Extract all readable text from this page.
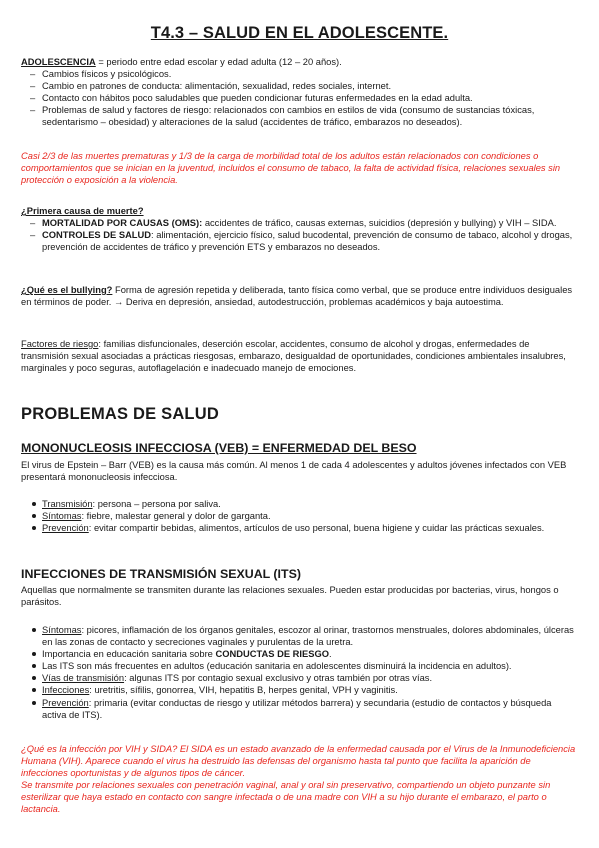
T4.3 – SALUD EN EL ADOLESCENTE.
ADOLESCENCIA = periodo entre edad escolar y edad adulta (12 – 20 años).
– Cambios físicos y psicológicos.
– Cambio en patrones de conducta: alimentación, sexualidad, redes sociales, internet.
– Contacto con hábitos poco saludables que pueden condicionar futuras enfermedades en la edad adulta.
– Problemas de salud y factores de riesgo: relacionados con cambios en estilos de vida (consumo de sustancias tóxicas, sedentarismo – obesidad) y alteraciones de la salud (accidentes de tráfico, embarazos no deseados).
Casi 2/3 de las muertes prematuras y 1/3 de la carga de morbilidad total de los adultos están relacionados con condiciones o comportamientos que se inician en la juventud, incluidos el consumo de tabaco, la falta de actividad física, relaciones sexuales sin protección o exposición a la violencia.
¿Primera causa de muerte?
– MORTALIDAD POR CAUSAS (OMS): accidentes de tráfico, causas externas, suicidios (depresión y bullying) y VIH – SIDA.
– CONTROLES DE SALUD: alimentación, ejercicio físico, salud bucodental, prevención de consumo de tabaco, alcohol y drogas, prevención de accidentes de tráfico y prevención ETS y embarazos no deseados.
¿Qué es el bullying? Forma de agresión repetida y deliberada, tanto física como verbal, que se produce entre individuos desiguales en términos de poder. → Deriva en depresión, ansiedad, autodestrucción, problemas académicos y baja autoestima.
Factores de riesgo: familias disfuncionales, deserción escolar, accidentes, consumo de alcohol y drogas, enfermedades de transmisión sexual asociadas a prácticas riesgosas, embarazo, desigualdad de oportunidades, condiciones ambientales insalubres, marginales y poco seguras, autoflagelación e inadecuado manejo de emociones.
PROBLEMAS DE SALUD
MONONUCLEOSIS INFECCIOSA (VEB) = ENFERMEDAD DEL BESO
El virus de Epstein – Barr (VEB) es la causa más común. Al menos 1 de cada 4 adolescentes y adultos jóvenes infectados con VEB presentará mononucleosis infecciosa.
Transmisión: persona – persona por saliva.
Síntomas: fiebre, malestar general y dolor de garganta.
Prevención: evitar compartir bebidas, alimentos, artículos de uso personal, buena higiene y cuidar las prácticas sexuales.
INFECCIONES DE TRANSMISIÓN SEXUAL (ITS)
Aquellas que normalmente se transmiten durante las relaciones sexuales. Pueden estar producidas por bacterias, virus, hongos o parásitos.
Síntomas: picores, inflamación de los órganos genitales, escozor al orinar, trastornos menstruales, dolores abdominales, úlceras en las zonas de contacto y secreciones vaginales y purulentas de la uretra.
Importancia en educación sanitaria sobre CONDUCTAS DE RIESGO.
Las ITS son más frecuentes en adultos (educación sanitaria en adolescentes disminuirá la incidencia en adultos).
Vías de transmisión: algunas ITS por contagio sexual exclusivo y otras también por otras vías.
Infecciones: uretritis, sífilis, gonorrea, VIH, hepatitis B, herpes genital, VPH y vaginitis.
Prevención: primaria (evitar conductas de riesgo y utilizar métodos barrera) y secundaria (estudio de contactos y búsqueda activa de ITS).
¿Qué es la infección por VIH y SIDA? El SIDA es un estado avanzado de la enfermedad causada por el Virus de la Inmunodeficiencia Humana (VIH). Aparece cuando el virus ha destruido las defensas del organismo hasta tal punto que facilita la aparición de infecciones oportunistas y de algunos tipos de cáncer.
Se transmite por relaciones sexuales con penetración vaginal, anal y oral sin preservativo, compartiendo un objeto punzante sin esterilizar que haya estado en contacto con sangre infectada o de una madre con VIH a su hijo durante el embarazo, el parto o lactancia.
